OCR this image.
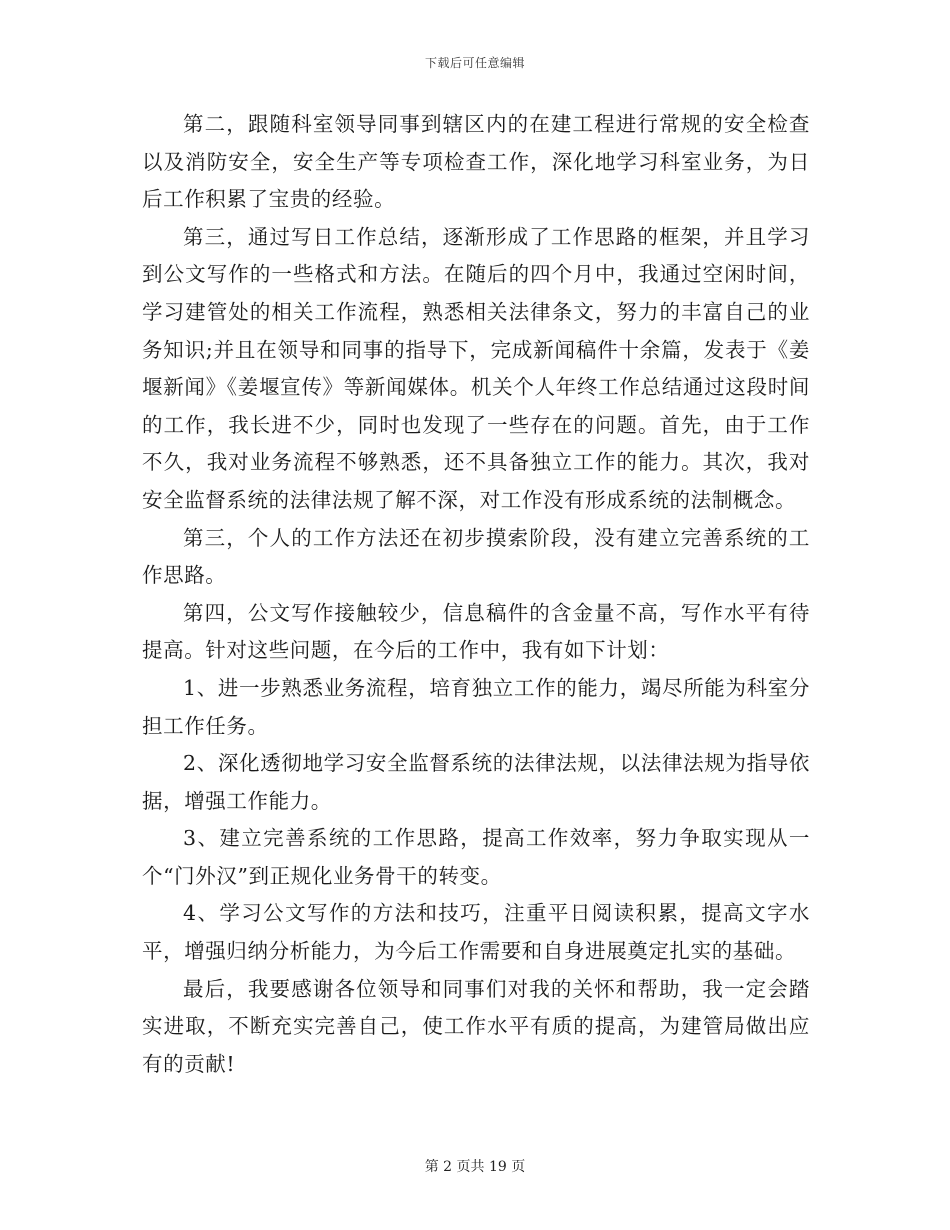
下载后可任意编辑

第二，跟随科室领导同事到辖区内的在建工程进行常规的安全检查以及消防安全，安全生产等专项检查工作，深化地学习科室业务，为日后工作积累了宝贵的经验。

第三，通过写日工作总结，逐渐形成了工作思路的框架，并且学习到公文写作的一些格式和方法。在随后的四个月中，我通过空闲时间，学习建管处的相关工作流程，熟悉相关法律条文，努力的丰富自己的业务知识;并且在领导和同事的指导下，完成新闻稿件十余篇，发表于《姜堰新闻》《姜堰宣传》等新闻媒体。机关个人年终工作总结通过这段时间的工作，我长进不少，同时也发现了一些存在的问题。首先，由于工作不久，我对业务流程不够熟悉，还不具备独立工作的能力。其次，我对安全监督系统的法律法规了解不深，对工作没有形成系统的法制概念。

第三，个人的工作方法还在初步摸索阶段，没有建立完善系统的工作思路。

第四，公文写作接触较少，信息稿件的含金量不高，写作水平有待提高。针对这些问题，在今后的工作中，我有如下计划：

1、进一步熟悉业务流程，培育独立工作的能力，竭尽所能为科室分担工作任务。

2、深化透彻地学习安全监督系统的法律法规，以法律法规为指导依据，增强工作能力。

3、建立完善系统的工作思路，提高工作效率，努力争取实现从一个“门外汉”到正规化业务骨干的转变。

4、学习公文写作的方法和技巧，注重平日阅读积累，提高文字水平，增强归纳分析能力，为今后工作需要和自身进展奠定扎实的基础。

最后，我要感谢各位领导和同事们对我的关怀和帮助，我一定会踏实进取，不断充实完善自己，使工作水平有质的提高，为建管局做出应有的贡献!

第 2 页共 19 页
